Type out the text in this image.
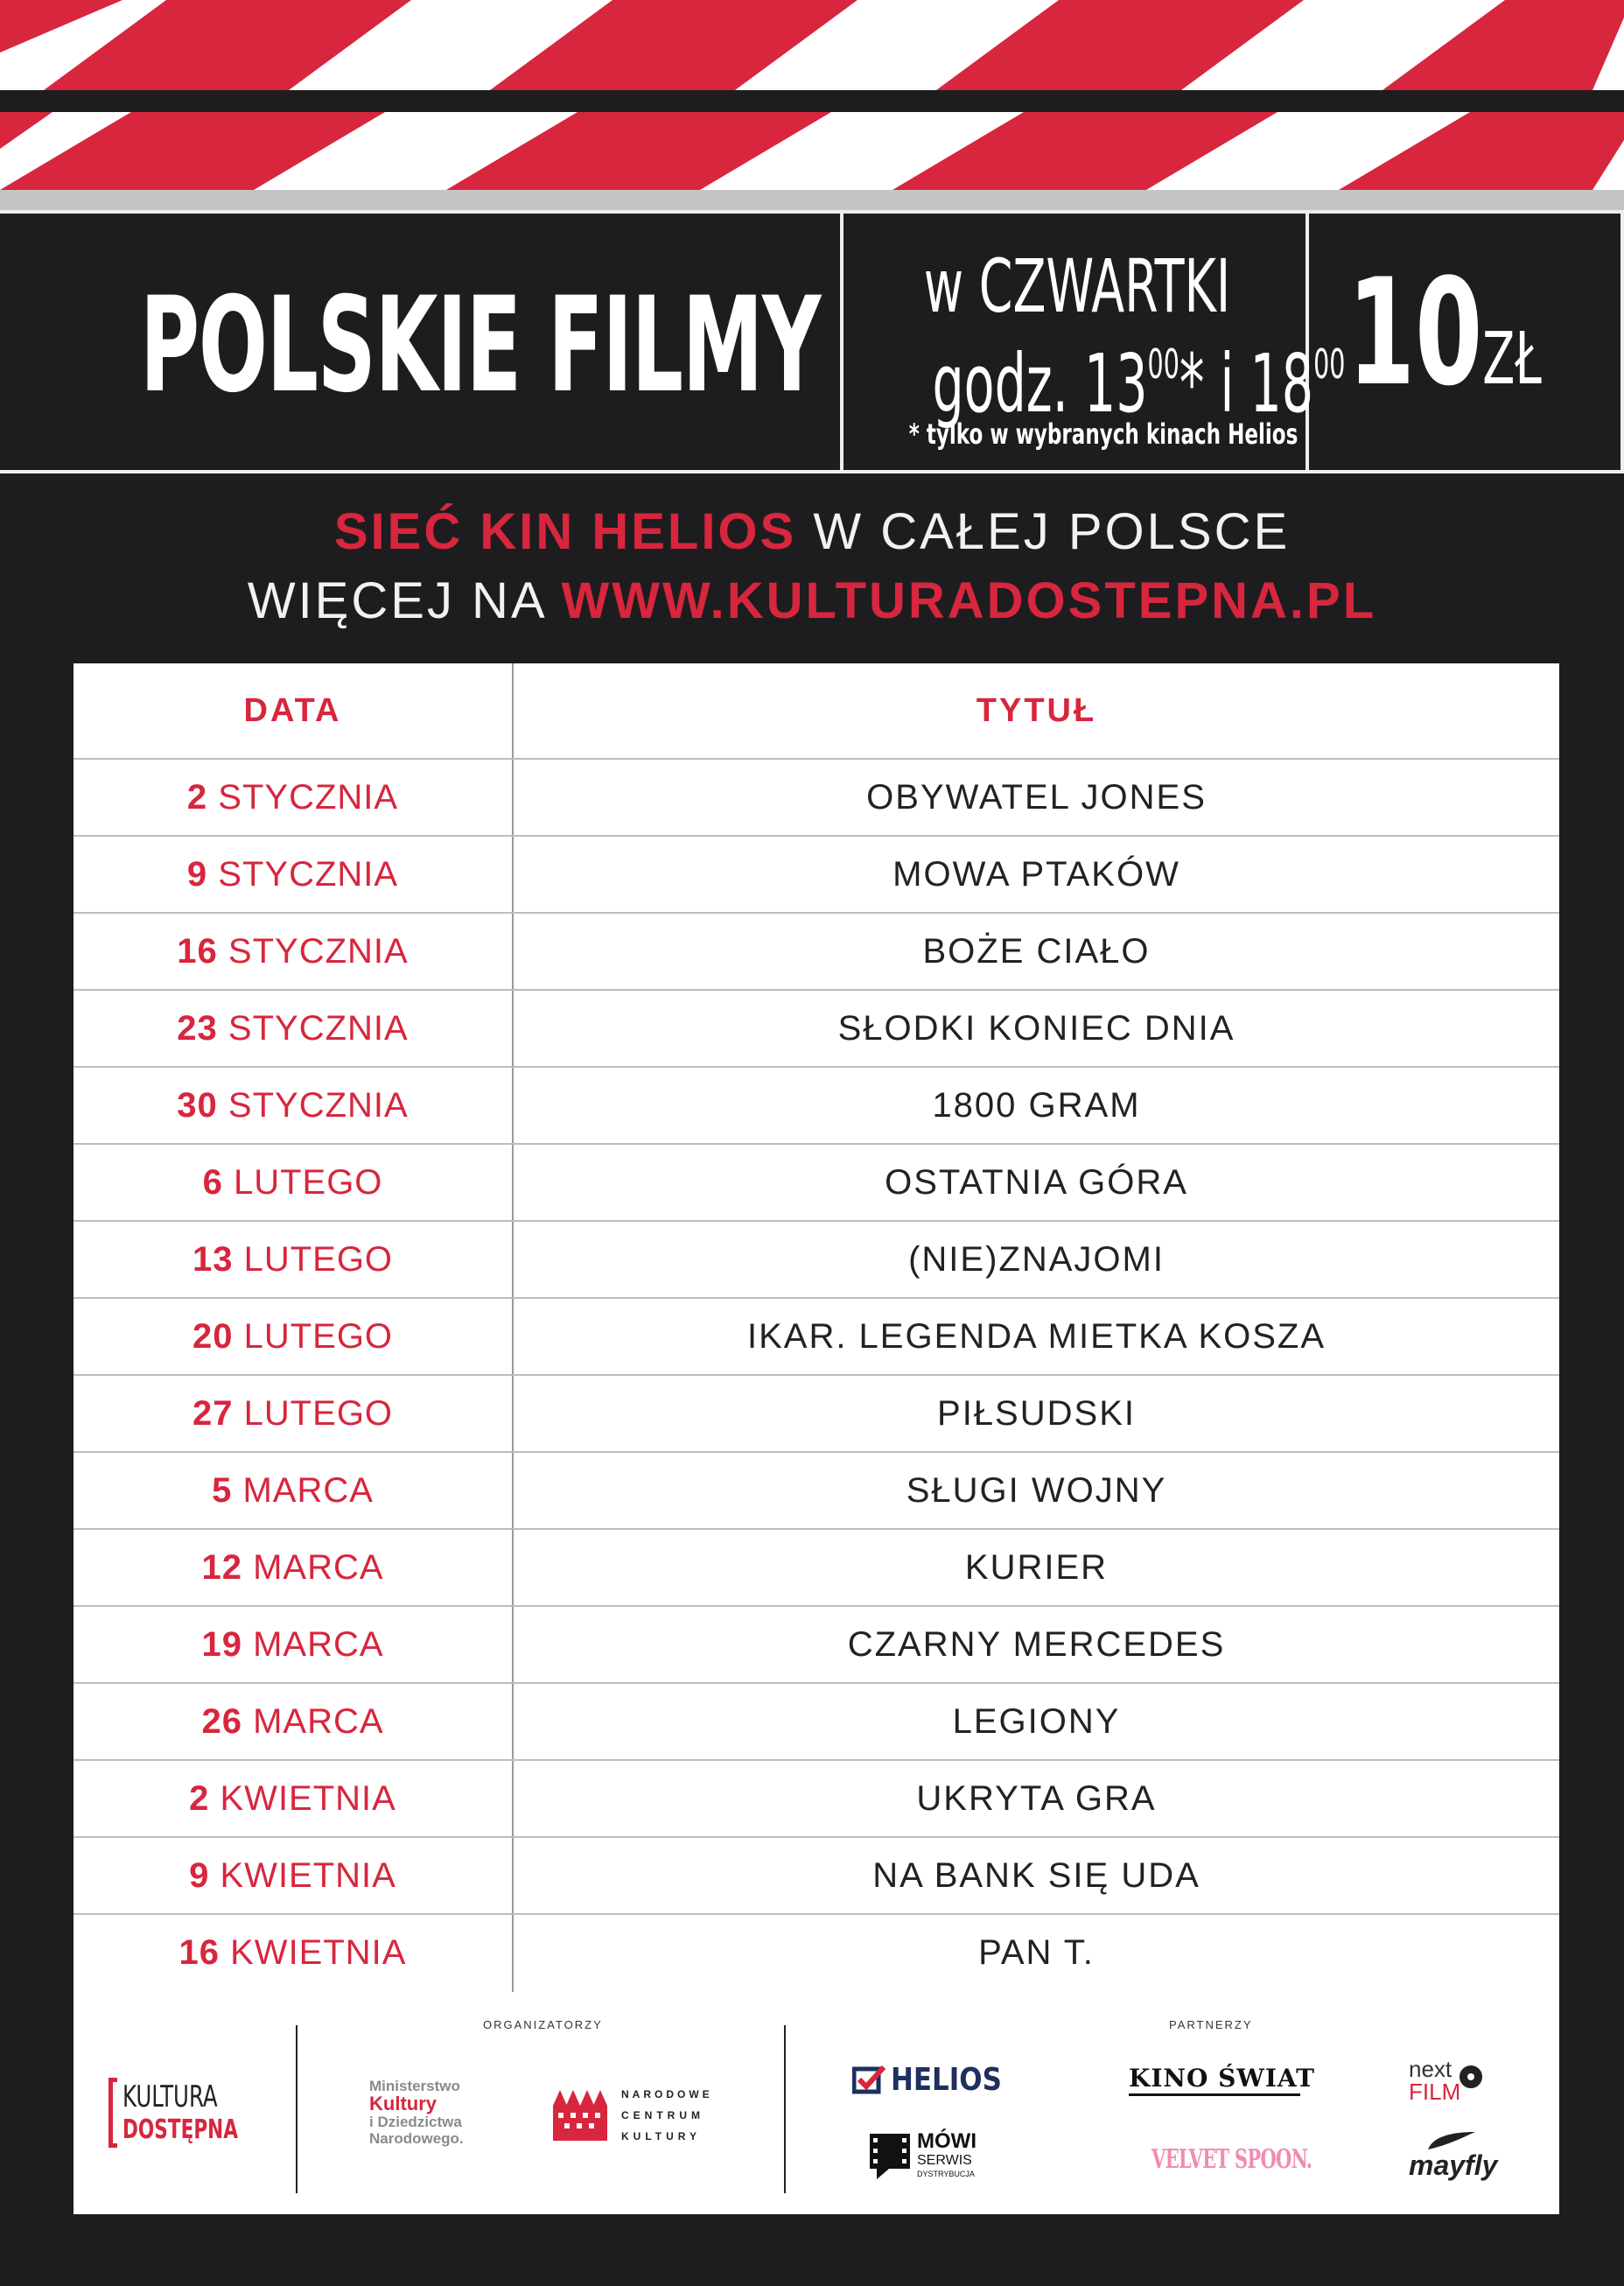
POLSKIE FILMY w CZWARTKI
godz. $13^{00}*$ i $18^{00}$
* tylko w wybranych kinach Helios
10ZŁ
SIEĆ KIN HELIOS W CAŁEJ POLSCE
WIĘCEJ NA WWW.KULTURADOSTEPNA.PL
DATA	TYTUŁ
2 STYCZNIA	OBYWATEL JONES
9 STYCZNIA	MOWA PTAKÓW
16 STYCZNIA	BOŻE CIAŁO
23 STYCZNIA	SŁODKI KONIEC DNIA
30 STYCZNIA	1800 GRAM
6 LUTEGO	OSTATNIA GÓRA
13 LUTEGO	(NIE)ZNAJOMI
20 LUTEGO	IKAR. LEGENDA MIETKA KOSZA
27 LUTEGO	PIŁSUDSKI
5 MARCA	SŁUGI WOJNY
12 MARCA	KURIER
19 MARCA	CZARNY MERCEDES
26 MARCA	LEGIONY
2 KWIETNIA	UKRYTA GRA
9 KWIETNIA	NA BANK SIĘ UDA
16 KWIETNIA	PAN T.
ORGANIZATORZY	PARTNERZY
KULTURA
DOSTĘPNA
Ministerstwo
Kultury
i Dziedzictwa
Narodowego.
NARODOWE
CENTRUM
KULTURY
HELIOS	KINO ŚWIAT	next
FILM
MÓWI
SERWIS
DYSTRYBUCJA	VELVET SPOON.	mayfly
